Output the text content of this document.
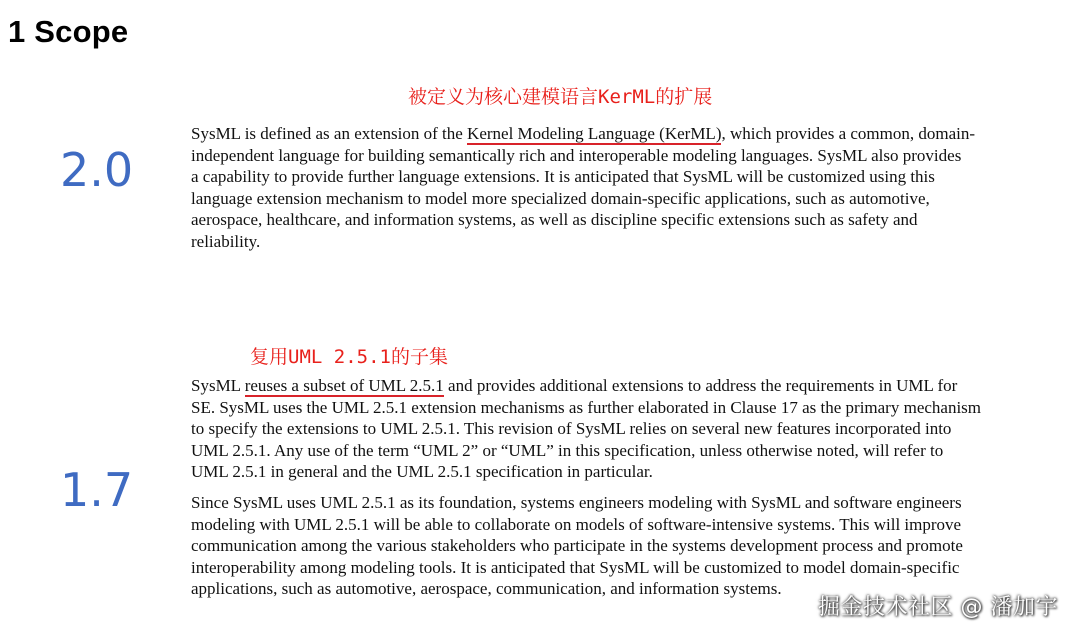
1 Scope
被定义为核心建模语言KerML的扩展
2.0
SysML is defined as an extension of the Kernel Modeling Language (KerML), which provides a common, domain-
independent language for building semantically rich and interoperable modeling languages. SysML also provides
a capability to provide further language extensions. It is anticipated that SysML will be customized using this
language extension mechanism to model more specialized domain-specific applications, such as automotive,
aerospace, healthcare, and information systems, as well as discipline specific extensions such as safety and
reliability.
复用UML 2.5.1的子集
1.7
SysML reuses a subset of UML 2.5.1 and provides additional extensions to address the requirements in UML for
SE. SysML uses the UML 2.5.1 extension mechanisms as further elaborated in Clause 17 as the primary mechanism
to specify the extensions to UML 2.5.1. This revision of SysML relies on several new features incorporated into
UML 2.5.1. Any use of the term “UML 2” or “UML” in this specification, unless otherwise noted, will refer to
UML 2.5.1 in general and the UML 2.5.1 specification in particular.
Since SysML uses UML 2.5.1 as its foundation, systems engineers modeling with SysML and software engineers
modeling with UML 2.5.1 will be able to collaborate on models of software-intensive systems. This will improve
communication among the various stakeholders who participate in the systems development process and promote
interoperability among modeling tools. It is anticipated that SysML will be customized to model domain-specific
applications, such as automotive, aerospace, communication, and information systems.
掘金技术社区 @ 潘加宇
